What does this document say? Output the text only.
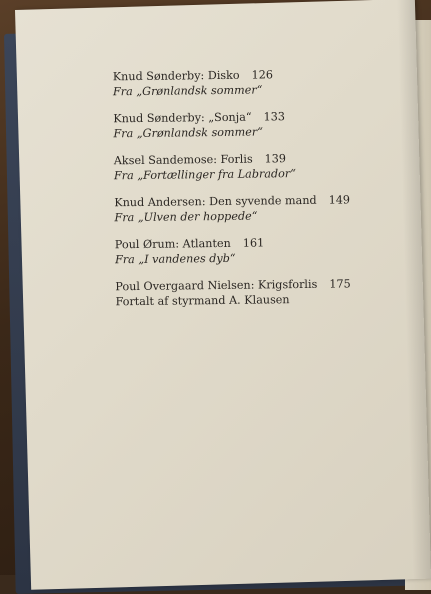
Knud Sønderby: Disko 126
Fra „Grønlandsk sommer“
Knud Sønderby: „Sonja“ 133
Fra „Grønlandsk sommer“
Aksel Sandemose: Forlis 139
Fra „Fortællinger fra Labrador“
Knud Andersen: Den syvende mand 149
Fra „Ulven der hoppede“
Poul Ørum: Atlanten 161
Fra „I vandenes dyb“
Poul Overgaard Nielsen: Krigsforlis 175
Fortalt af styrmand A. Klausen
